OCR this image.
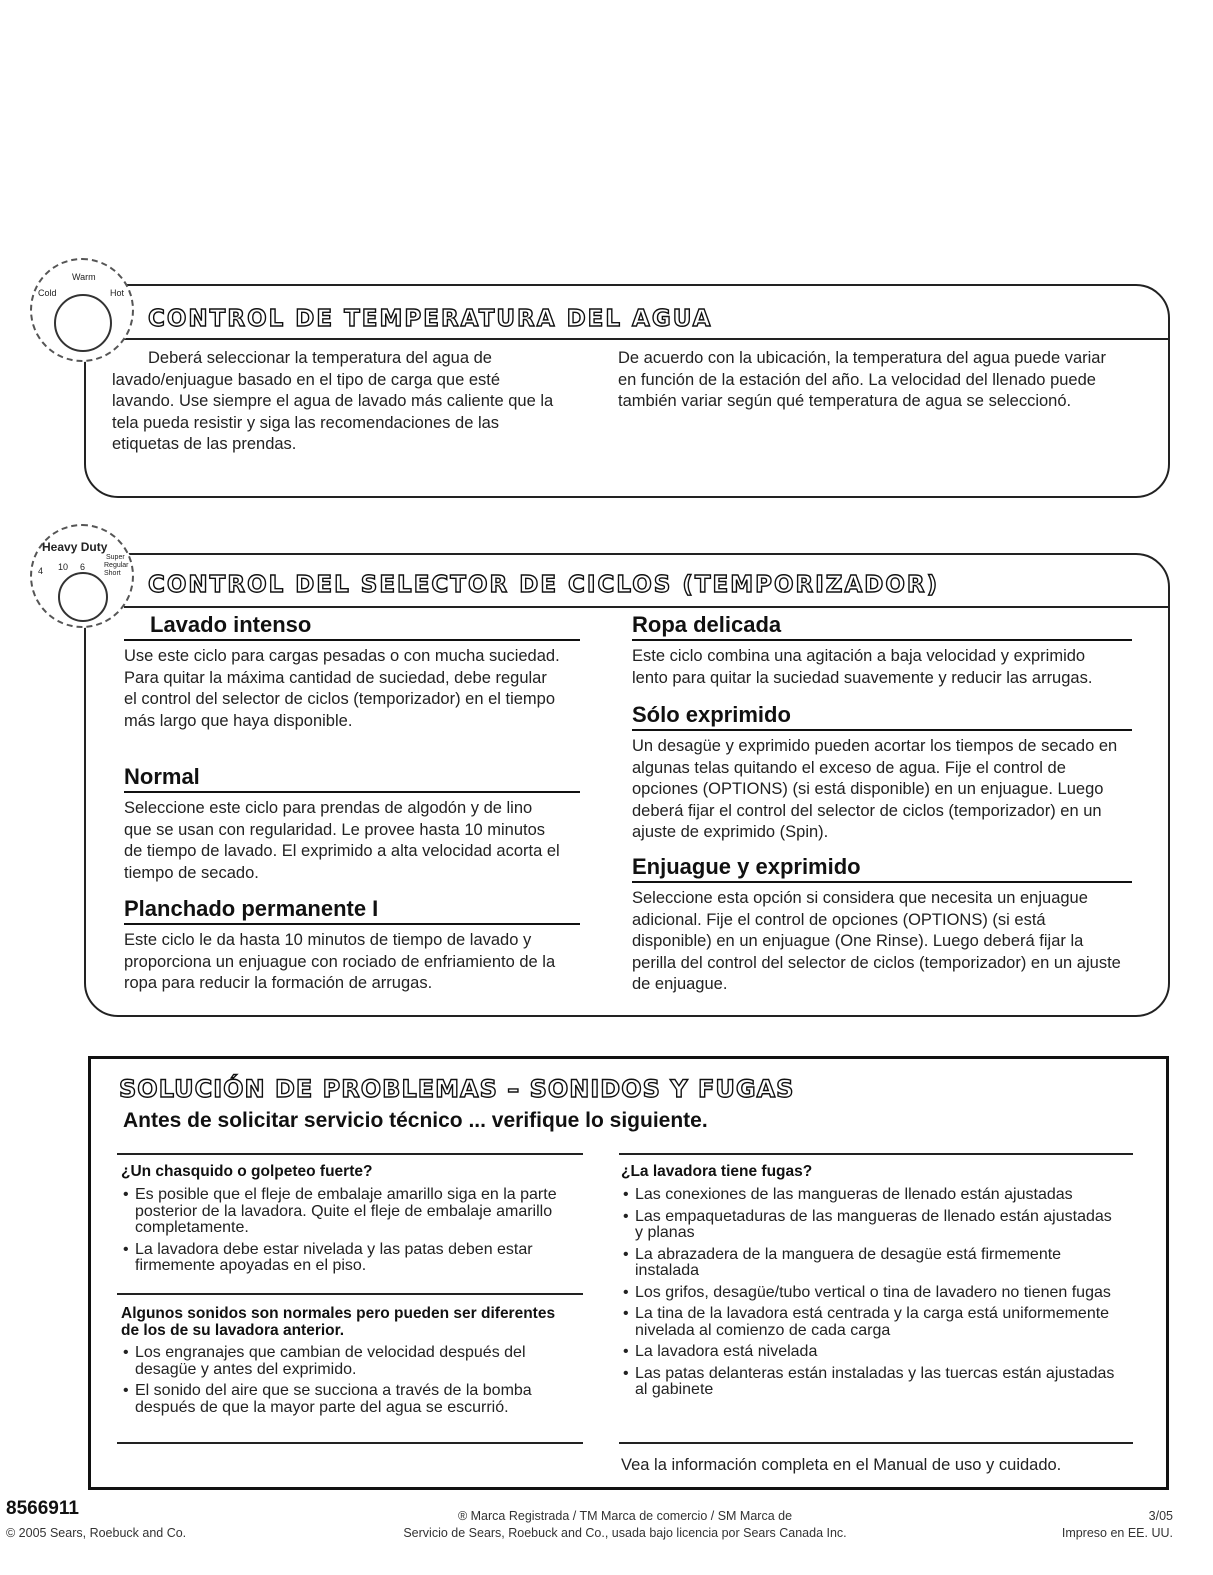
Warm
Cold	Hot
CONTROL DE TEMPERATURA DEL AGUA

Deberá seleccionar la temperatura del agua de lavado/enjuague basado en el tipo de carga que esté lavando. Use siempre el agua de lavado más caliente que la tela pueda resistir y siga las recomendaciones de las etiquetas de las prendas.

De acuerdo con la ubicación, la temperatura del agua puede variar en función de la estación del año. La velocidad del llenado puede también variar según qué temperatura de agua se seleccionó.

Heavy Duty
Super
Regular
Short
10 6
4
CONTROL DEL SELECTOR DE CICLOS (TEMPORIZADOR)
Lavado intenso

Use este ciclo para cargas pesadas o con mucha suciedad. Para quitar la máxima cantidad de suciedad, debe regular el control del selector de ciclos (temporizador) en el tiempo más largo que haya disponible.

Normal

Seleccione este ciclo para prendas de algodón y de lino que se usan con regularidad. Le provee hasta 10 minutos de tiempo de lavado. El exprimido a alta velocidad acorta el tiempo de secado.

Planchado permanente I

Este ciclo le da hasta 10 minutos de tiempo de lavado y proporciona un enjuague con rociado de enfriamiento de la ropa para reducir la formación de arrugas.

Ropa delicada

Este ciclo combina una agitación a baja velocidad y exprimido lento para quitar la suciedad suavemente y reducir las arrugas.

Sólo exprimido

Un desagüe y exprimido pueden acortar los tiempos de secado en algunas telas quitando el exceso de agua. Fije el control de opciones (OPTIONS) (si está disponible) en un enjuague. Luego deberá fijar el control del selector de ciclos (temporizador) en un ajuste de exprimido (Spin).

Enjuague y exprimido

Seleccione esta opción si considera que necesita un enjuague adicional. Fije el control de opciones (OPTIONS) (si está disponible) en un enjuague (One Rinse). Luego deberá fijar la perilla del control del selector de ciclos (temporizador) en un ajuste de enjuague.

SOLUCIÓN DE PROBLEMAS – SONIDOS Y FUGAS
Antes de solicitar servicio técnico ... verifique lo siguiente.

¿Un chasquido o golpeteo fuerte?

• Es posible que el fleje de embalaje amarillo siga en la parte posterior de la lavadora. Quite el fleje de embalaje amarillo completamente.
• La lavadora debe estar nivelada y las patas deben estar firmemente apoyadas en el piso.

Algunos sonidos son normales pero pueden ser diferentes de los de su lavadora anterior.

• Los engranajes que cambian de velocidad después del desagüe y antes del exprimido.
• El sonido del aire que se succiona a través de la bomba después de que la mayor parte del agua se escurrió.

¿La lavadora tiene fugas?

• Las conexiones de las mangueras de llenado están ajustadas
• Las empaquetaduras de las mangueras de llenado están ajustadas y planas
• La abrazadera de la manguera de desagüe está firmemente instalada
• Los grifos, desagüe/tubo vertical o tina de lavadero no tienen fugas
• La tina de la lavadora está centrada y la carga está uniformemente nivelada al comienzo de cada carga
• La lavadora está nivelada
• Las patas delanteras están instaladas y las tuercas están ajustadas al gabinete
Vea la información completa en el Manual de uso y cuidado.
8566911
© 2005 Sears, Roebuck and Co.
® Marca Registrada / TM Marca de comercio / SM Marca de
Servicio de Sears, Roebuck and Co., usada bajo licencia por Sears Canada Inc.
3/05
Impreso en EE. UU.
